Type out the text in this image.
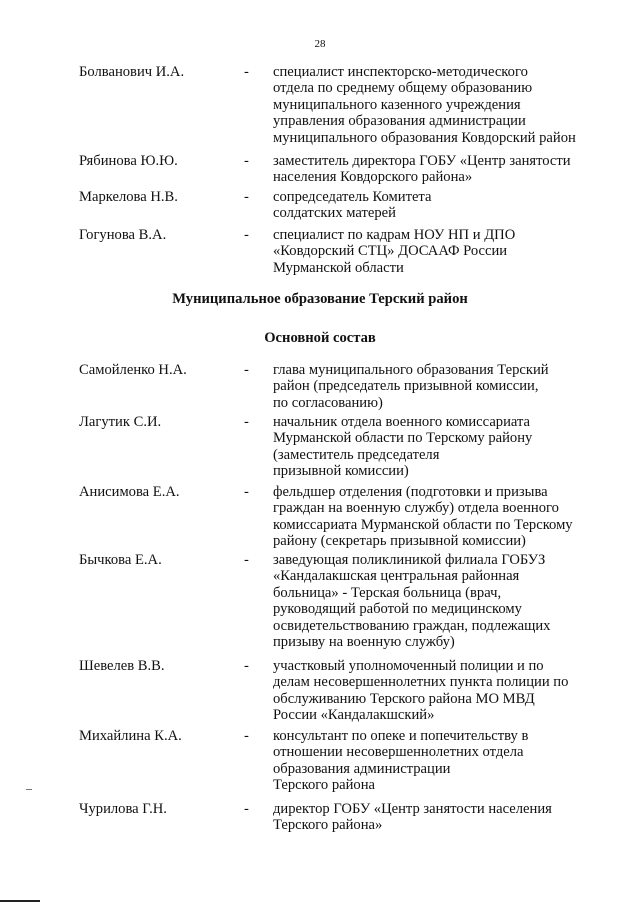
28
Болванович И.А.	- специалист инспекторско-методического
отдела по среднему общему образованию
муниципального казенного учреждения
управления образования администрации
муниципального образования Ковдорский район
Рябинова Ю.Ю.	- заместитель директора ГОБУ «Центр занятости
населения Ковдорского района»
Маркелова Н.В.	- сопредседатель Комитета
солдатских матерей
Гогунова В.А.	- специалист по кадрам НОУ НП и ДПО
«Ковдорский СТЦ» ДОСААФ России
Мурманской области
Муниципальное образование Терский район
Основной состав
Самойленко Н.А.	- глава муниципального образования Терский
район (председатель призывной комиссии,
по согласованию)
Лагутик С.И.	- начальник отдела военного комиссариата
Мурманской области по Терскому району
(заместитель председателя
призывной комиссии)
Анисимова Е.А.	- фельдшер отделения (подготовки и призыва
граждан на военную службу) отдела военного
комиссариата Мурманской области по Терскому
району (секретарь призывной комиссии)
Бычкова Е.А.	- заведующая поликлиникой филиала ГОБУЗ
«Кандалакшская центральная районная
больница» - Терская больница (врач,
руководящий работой по медицинскому
освидетельствованию граждан, подлежащих
призыву на военную службу)
Шевелев В.В.	- участковый уполномоченный полиции и по
делам несовершеннолетних пункта полиции по
обслуживанию Терского района МО МВД
России «Кандалакшский»
Михайлина К.А.	- консультант по опеке и попечительству в
отношении несовершеннолетних отдела
образования администрации
Терского района
Чурилова Г.Н.	- директор ГОБУ «Центр занятости населения
Терского района»
